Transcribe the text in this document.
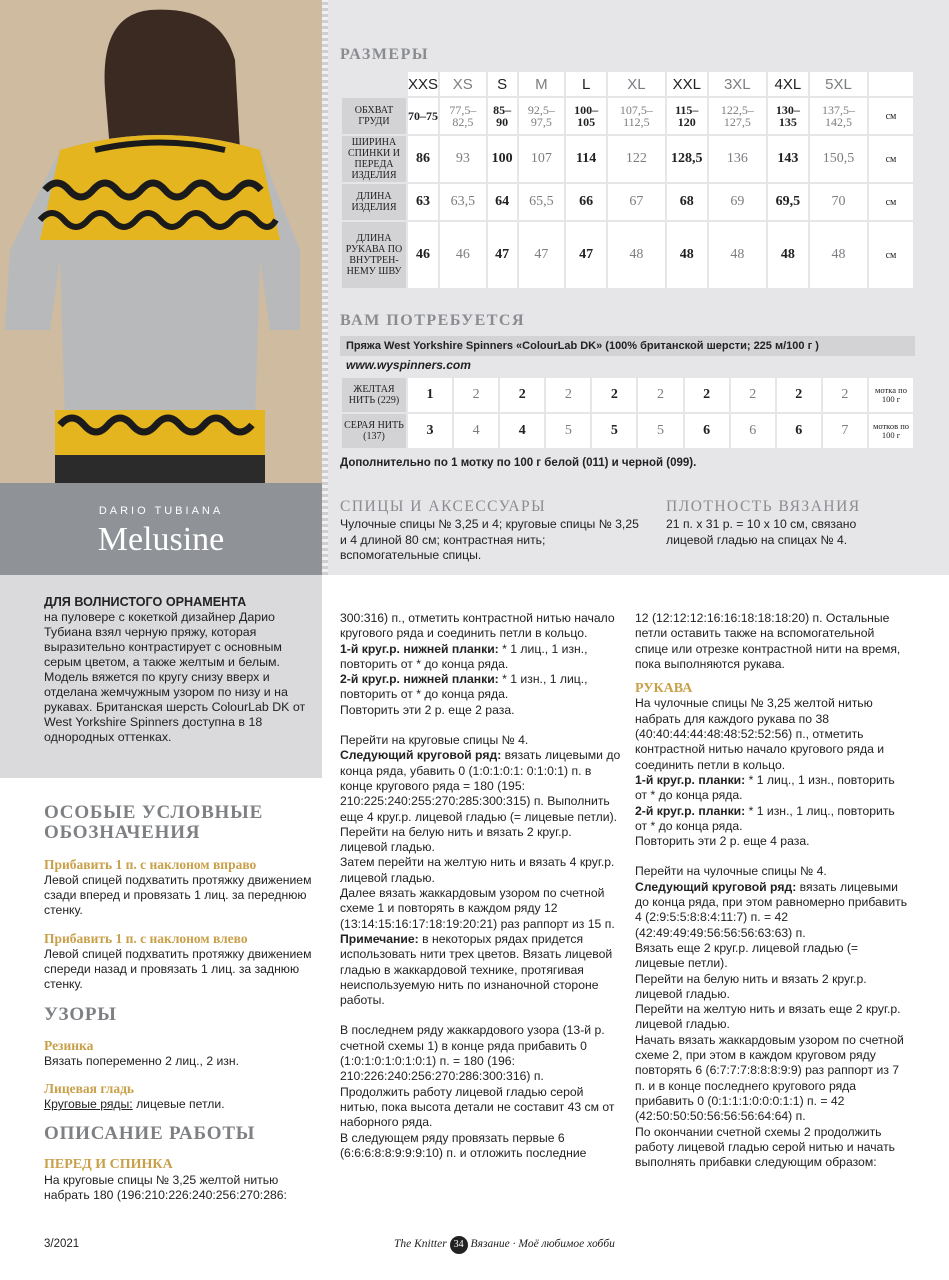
DARIO TUBIANA
Melusine
РАЗМЕРЫ
	XXS	XS	S	M	L	XL	XXL	3XL	4XL	5XL	
ОБХВАТ ГРУДИ	70–75	77,5–82,5	85–90	92,5–97,5	100–105	107,5–112,5	115–120	122,5–127,5	130–135	137,5–142,5	см
ШИРИНА СПИНКИ И ПЕРЕДА ИЗДЕЛИЯ	86	93	100	107	114	122	128,5	136	143	150,5	см
ДЛИНА ИЗДЕЛИЯ	63	63,5	64	65,5	66	67	68	69	69,5	70	см
ДЛИНА РУКАВА ПО ВНУТРЕН-НЕМУ ШВУ	46	46	47	47	47	48	48	48	48	48	см
ВАМ ПОТРЕБУЕТСЯ
Пряжа West Yorkshire Spinners «ColourLab DK» (100% британской шерсти; 225 м/100 г )
www.wyspinners.com
ЖЕЛТАЯ НИТЬ (229)	1	2	2	2	2	2	2	2	2	2	мотка по 100 г
СЕРАЯ НИТЬ (137)	3	4	4	5	5	5	6	6	6	7	мотков по 100 г
Дополнительно по 1 мотку по 100 г белой (011) и черной (099).
СПИЦЫ И АКСЕССУАРЫ
Чулочные спицы № 3,25 и 4; круговые спицы № 3,25 и 4 длиной 80 см; контрастная нить; вспомогательные спицы.
ПЛОТНОСТЬ ВЯЗАНИЯ
21 п. х 31 р. = 10 х 10 см, связано лицевой гладью на спицах № 4.
ДЛЯ ВОЛНИСТОГО ОРНАМЕНТА
на пуловере с кокеткой дизайнер Дарио Тубиана взял черную пряжу, которая выразительно контрастирует с основным серым цветом, а также желтым и белым. Модель вяжется по кругу снизу вверх и отделана жемчужным узором по низу и на рукавах. Британская шерсть ColourLab DK от West Yorkshire Spinners доступна в 18 однородных оттенках.
ОСОБЫЕ УСЛОВНЫЕ ОБОЗНАЧЕНИЯ
Прибавить 1 п. с наклоном вправо
Левой спицей подхватить протяжку движением сзади вперед и провязать 1 лиц. за переднюю стенку.
Прибавить 1 п. с наклоном влево
Левой спицей подхватить протяжку движением спереди назад и провязать 1 лиц. за заднюю стенку.
УЗОРЫ
Резинка
Вязать попеременно 2 лиц., 2 изн.
Лицевая гладь
Круговые ряды: лицевые петли.
ОПИСАНИЕ РАБОТЫ
ПЕРЕД И СПИНКА
На круговые спицы № 3,25 желтой нитью набрать 180 (196:210:226:240:256:270:286:
300:316) п., отметить контрастной нитью начало кругового ряда и соединить петли в кольцо.
1-й круг.р. нижней планки: * 1 лиц., 1 изн., повторить от * до конца ряда.
2-й круг.р. нижней планки: * 1 изн., 1 лиц., повторить от * до конца ряда.
Повторить эти 2 р. еще 2 раза.
Перейти на круговые спицы № 4.
Следующий круговой ряд: вязать лицевыми до конца ряда, убавить 0 (1:0:1:0:1: 0:1:0:1) п. в конце кругового ряда = 180 (195: 210:225:240:255:270:285:300:315) п. Выполнить еще 4 круг.р. лицевой гладью (= лицевые петли).
Перейти на белую нить и вязать 2 круг.р. лицевой гладью.
Затем перейти на желтую нить и вязать 4 круг.р. лицевой гладью.
Далее вязать жаккардовым узором по счетной схеме 1 и повторять в каждом ряду 12 (13:14:15:16:17:18:19:20:21) раз раппорт из 15 п.
Примечание: в некоторых рядах придется использовать нити трех цветов. Вязать лицевой гладью в жаккардовой технике, протягивая неиспользуемую нить по изнаночной стороне работы.
В последнем ряду жаккардового узора (13-й р. счетной схемы 1) в конце ряда прибавить 0 (1:0:1:0:1:0:1:0:1) п. = 180 (196: 210:226:240:256:270:286:300:316) п.
Продолжить работу лицевой гладью серой нитью, пока высота детали не составит 43 см от наборного ряда.
В следующем ряду провязать первые 6 (6:6:6:8:8:9:9:9:10) п. и отложить последние
12 (12:12:12:16:16:18:18:18:20) п. Остальные петли оставить также на вспомогательной спице или отрезке контрастной нити на время, пока выполняются рукава.
РУКАВА
На чулочные спицы № 3,25 желтой нитью набрать для каждого рукава по 38 (40:40:44:44:48:48:52:52:56) п., отметить контрастной нитью начало кругового ряда и соединить петли в кольцо.
1-й круг.р. планки: * 1 лиц., 1 изн., повторить от * до конца ряда.
2-й круг.р. планки: * 1 изн., 1 лиц., повторить от * до конца ряда.
Повторить эти 2 р. еще 4 раза.
Перейти на чулочные спицы № 4.
Следующий круговой ряд: вязать лицевыми до конца ряда, при этом равномерно прибавить 4 (2:9:5:5:8:8:4:11:7) п. = 42 (42:49:49:49:56:56:56:63:63) п.
Вязать еще 2 круг.р. лицевой гладью (= лицевые петли).
Перейти на белую нить и вязать 2 круг.р. лицевой гладью.
Перейти на желтую нить и вязать еще 2 круг.р. лицевой гладью.
Начать вязать жаккардовым узором по счетной схеме 2, при этом в каждом круговом ряду повторять 6 (6:7:7:7:8:8:8:9:9) раз раппорт из 7 п. и в конце последнего кругового ряда прибавить 0 (0:1:1:1:0:0:0:1:1) п. = 42 (42:50:50:50:56:56:56:64:64) п.
По окончании счетной схемы 2 продолжить работу лицевой гладью серой нитью и начать выполнять прибавки следующим образом:
3/2021	The Knitter 34 Вязание · Моё любимое хобби
